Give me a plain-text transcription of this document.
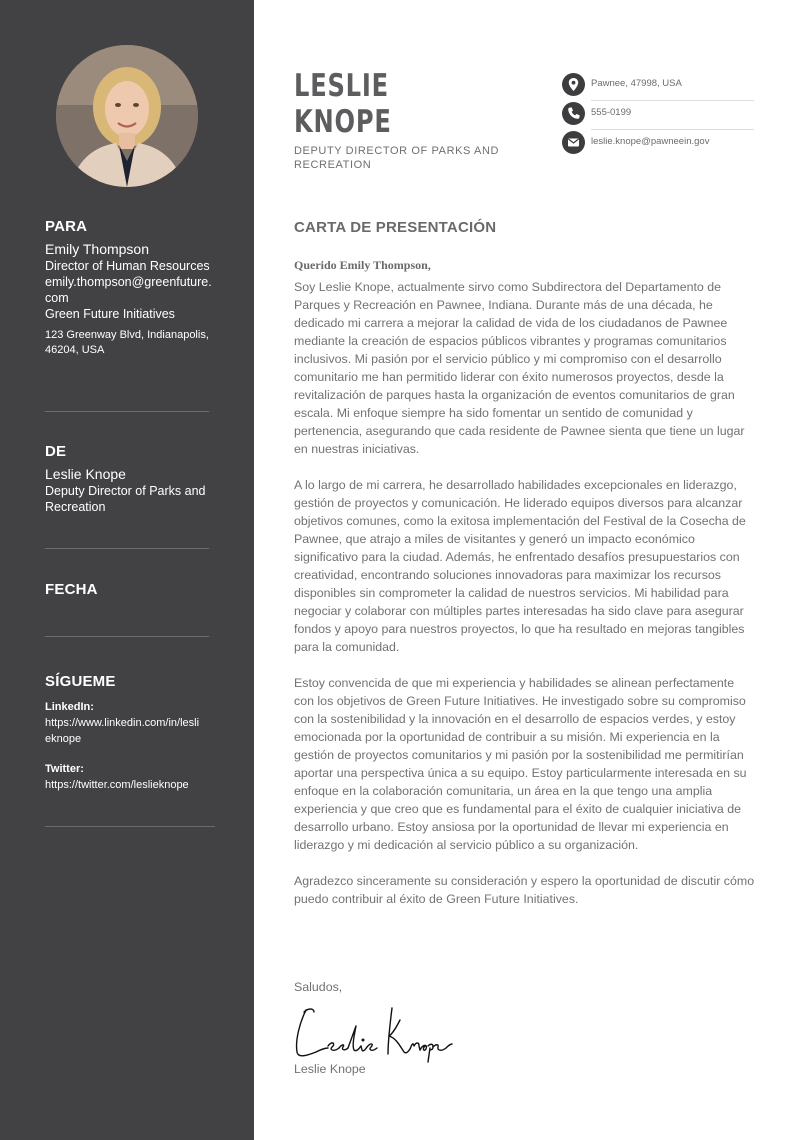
PARA
Emily Thompson
Director of Human Resources
emily.thompson@greenfuture.com
Green Future Initiatives
123 Greenway Blvd, Indianapolis, 46204, USA
DE
Leslie Knope
Deputy Director of Parks and Recreation
FECHA
SÍGUEME
LinkedIn:
https://www.linkedin.com/in/leslieknope
Twitter:
https://twitter.com/leslieknope
LESLIE
KNOPE
DEPUTY DIRECTOR OF PARKS AND RECREATION
Pawnee, 47998, USA
555-0199
leslie.knope@pawneein.gov
CARTA DE PRESENTACIÓN
Querido Emily Thompson,

Soy Leslie Knope, actualmente sirvo como Subdirectora del Departamento de Parques y Recreación en Pawnee, Indiana. Durante más de una década, he dedicado mi carrera a mejorar la calidad de vida de los ciudadanos de Pawnee mediante la creación de espacios públicos vibrantes y programas comunitarios inclusivos. Mi pasión por el servicio público y mi compromiso con el desarrollo comunitario me han permitido liderar con éxito numerosos proyectos, desde la revitalización de parques hasta la organización de eventos comunitarios de gran escala. Mi enfoque siempre ha sido fomentar un sentido de comunidad y pertenencia, asegurando que cada residente de Pawnee sienta que tiene un lugar en nuestras iniciativas.

A lo largo de mi carrera, he desarrollado habilidades excepcionales en liderazgo, gestión de proyectos y comunicación. He liderado equipos diversos para alcanzar objetivos comunes, como la exitosa implementación del Festival de la Cosecha de Pawnee, que atrajo a miles de visitantes y generó un impacto económico significativo para la ciudad. Además, he enfrentado desafíos presupuestarios con creatividad, encontrando soluciones innovadoras para maximizar los recursos disponibles sin comprometer la calidad de nuestros servicios. Mi habilidad para negociar y colaborar con múltiples partes interesadas ha sido clave para asegurar fondos y apoyo para nuestros proyectos, lo que ha resultado en mejoras tangibles para la comunidad.

Estoy convencida de que mi experiencia y habilidades se alinean perfectamente con los objetivos de Green Future Initiatives. He investigado sobre su compromiso con la sostenibilidad y la innovación en el desarrollo de espacios verdes, y estoy emocionada por la oportunidad de contribuir a su misión. Mi experiencia en la gestión de proyectos comunitarios y mi pasión por la sostenibilidad me permitirían aportar una perspectiva única a su equipo. Estoy particularmente interesada en su enfoque en la colaboración comunitaria, un área en la que tengo una amplia experiencia y que creo que es fundamental para el éxito de cualquier iniciativa de desarrollo urbano. Estoy ansiosa por la oportunidad de llevar mi experiencia en liderazgo y mi dedicación al servicio público a su organización.

Agradezco sinceramente su consideración y espero la oportunidad de discutir cómo puedo contribuir al éxito de Green Future Initiatives.

Saludos,
Leslie Knope
